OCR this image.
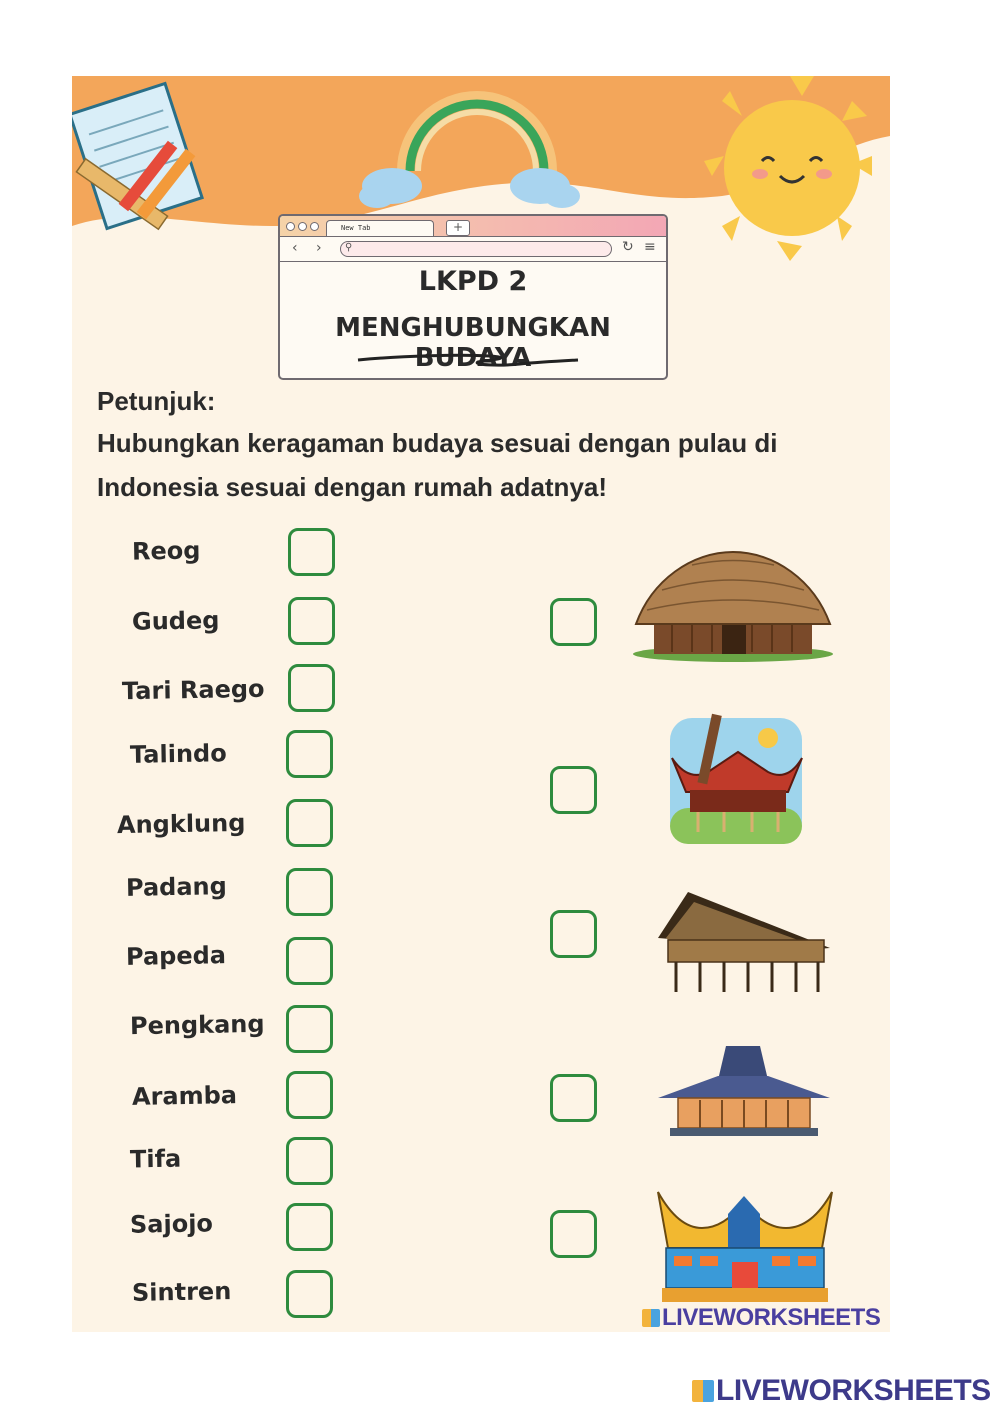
New Tab	+
‹ › ⚲	↻ ≡
LKPD 2
MENGHUBUNGKAN BUDAYA
Petunjuk:
Hubungkan keragaman budaya sesuai dengan pulau di
Indonesia sesuai dengan rumah adatnya!
Reog
Gudeg
Tari Raego
Talindo
Angklung
Padang
Papeda
Pengkang
Aramba
Tifa
Sajojo
Sintren
LIVEWORKSHEETS
LIVEWORKSHEETS
